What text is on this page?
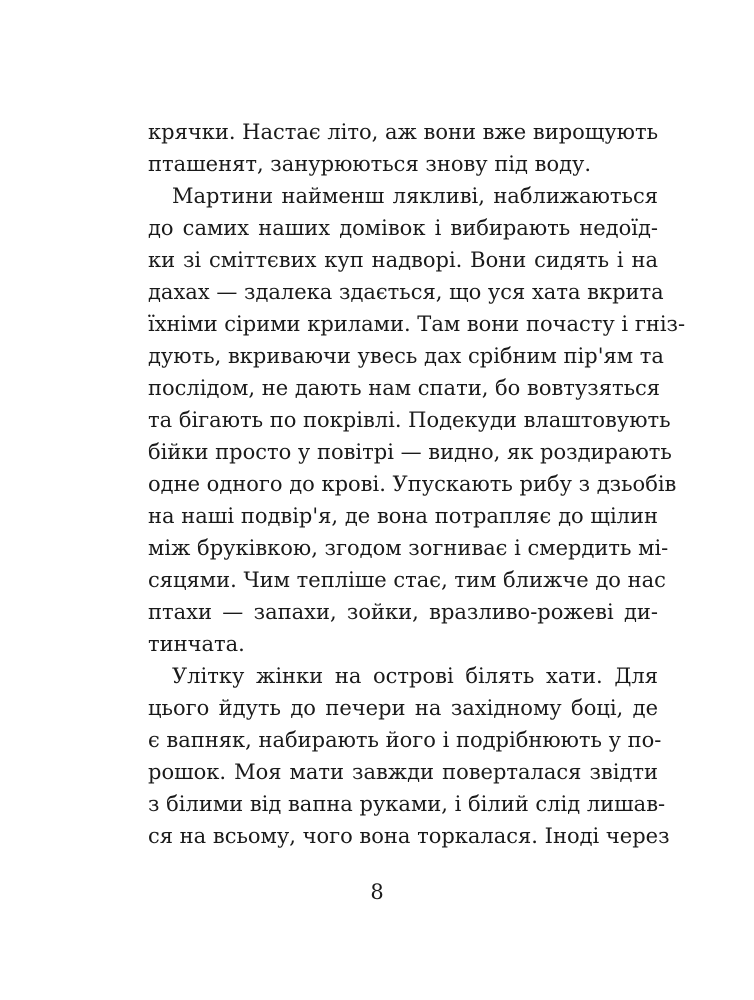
крячки. Настає літо, аж вони вже вирощують
пташенят, занурюються знову під воду.
Мартини найменш лякливі, наближаються
до самих наших домівок і вибирають недоїд-
ки зі сміттєвих куп надворі. Вони сидять і на
дахах — здалека здається, що уся хата вкрита
їхніми сірими крилами. Там вони почасту і гніз-
дують, вкриваючи увесь дах срібним пір'ям та
послідом, не дають нам спати, бо вовтузяться
та бігають по покрівлі. Подекуди влаштовують
бійки просто у повітрі — видно, як роздирають
одне одного до крові. Упускають рибу з дзьобів
на наші подвір'я, де вона потрапляє до щілин
між бруківкою, згодом зогниває і смердить мі-
сяцями. Чим тепліше стає, тим ближче до нас
птахи — запахи, зойки, вразливо-рожеві ди-
тинчата.
Улітку жінки на острові білять хати. Для
цього йдуть до печери на західному боці, де
є вапняк, набирають його і подрібнюють у по-
рошок. Моя мати завжди поверталася звідти
з білими від вапна руками, і білий слід лишав-
ся на всьому, чого вона торкалася. Іноді через
8
